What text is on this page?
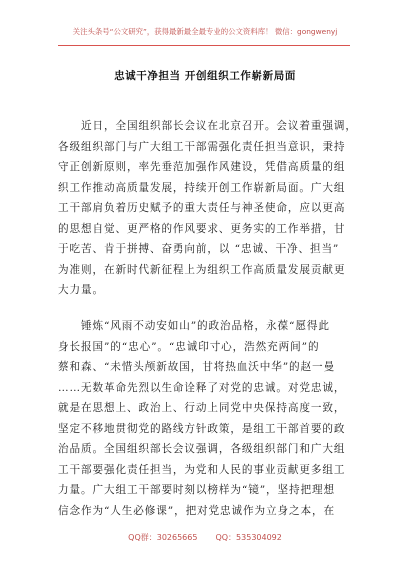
关注头条号“公文研究”，获得最新最全最专业的公文资料库！ 微信：gongwenyj
忠诚干净担当 开创组织工作崭新局面
　　近日，全国组织部长会议在北京召开。会议着重强调，
各级组织部门与广大组工干部需强化责任担当意识，秉持
守正创新原则，率先垂范加强作风建设，凭借高质量的组
织工作推动高质量发展，持续开创工作崭新局面。广大组
工干部肩负着历史赋予的重大责任与神圣使命，应以更高
的思想自觉、更严格的作风要求、更务实的工作举措，甘
于吃苦、肯于拼搏、奋勇向前，以 “忠诚、干净、担当”
为准则，在新时代新征程上为组织工作高质量发展贡献更
大力量。
　　锤炼“风雨不动安如山”的政治品格，永葆“愿得此
身长报国”的“忠心”。“忠诚印寸心，浩然充两间”的
蔡和森、“未惜头颅新故国，甘将热血沃中华”的赵一曼
……无数革命先烈以生命诠释了对党的忠诚。对党忠诚，
就是在思想上、政治上、行动上同党中央保持高度一致，
坚定不移地贯彻党的路线方针政策，是组工干部首要的政
治品质。全国组织部长会议强调，各级组织部门和广大组
工干部要强化责任担当，为党和人民的事业贡献更多组工
力量。广大组工干部要时刻以榜样为“镜”，坚持把理想
信念作为“人生必修课”，把对党忠诚作为立身之本，在
QQ群：30265665 QQ：535304092
